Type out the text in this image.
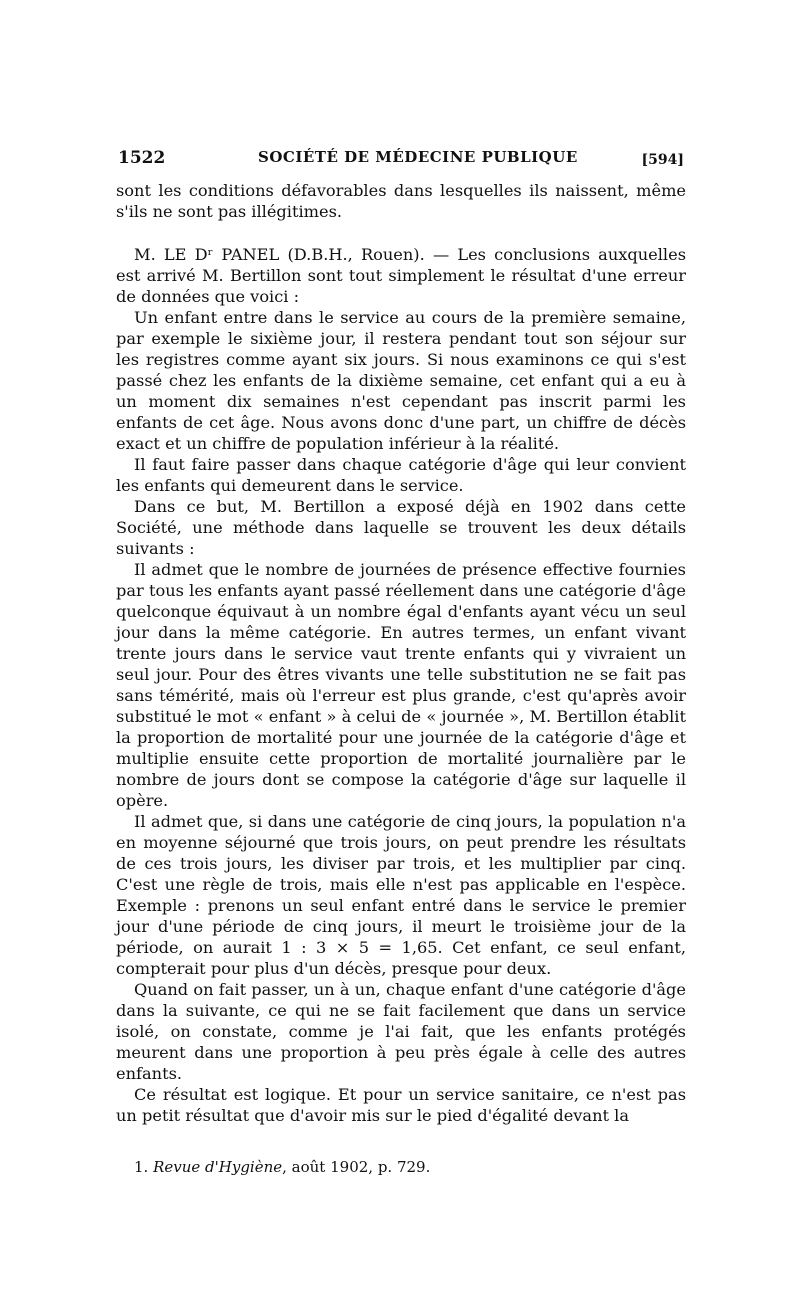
1522	SOCIÉTÉ DE MÉDECINE PUBLIQUE	[594]

sont les conditions défavorables dans lesquelles ils naissent, même s'ils ne sont pas illégitimes.

M. LE Dʳ PANEL (D.B.H., Rouen). — Les conclusions auxquelles est arrivé M. Bertillon sont tout simplement le résultat d'une erreur de données que voici :

Un enfant entre dans le service au cours de la première semaine, par exemple le sixième jour, il restera pendant tout son séjour sur les registres comme ayant six jours. Si nous examinons ce qui s'est passé chez les enfants de la dixième semaine, cet enfant qui a eu à un moment dix semaines n'est cependant pas inscrit parmi les enfants de cet âge. Nous avons donc d'une part, un chiffre de décès exact et un chiffre de population inférieur à la réalité.

Il faut faire passer dans chaque catégorie d'âge qui leur convient les enfants qui demeurent dans le service.

Dans ce but, M. Bertillon a exposé déjà en 1902 dans cette Société, une méthode dans laquelle se trouvent les deux détails suivants :

Il admet que le nombre de journées de présence effective fournies par tous les enfants ayant passé réellement dans une catégorie d'âge quelconque équivaut à un nombre égal d'enfants ayant vécu un seul jour dans la même catégorie. En autres termes, un enfant vivant trente jours dans le service vaut trente enfants qui y vivraient un seul jour. Pour des êtres vivants une telle substitution ne se fait pas sans témérité, mais où l'erreur est plus grande, c'est qu'après avoir substitué le mot « enfant » à celui de « journée », M. Bertillon établit la proportion de mortalité pour une journée de la catégorie d'âge et multiplie ensuite cette proportion de mortalité journalière par le nombre de jours dont se compose la catégorie d'âge sur laquelle il opère.

Il admet que, si dans une catégorie de cinq jours, la population n'a en moyenne séjourné que trois jours, on peut prendre les résultats de ces trois jours, les diviser par trois, et les multiplier par cinq. C'est une règle de trois, mais elle n'est pas applicable en l'espèce. Exemple : prenons un seul enfant entré dans le service le premier jour d'une période de cinq jours, il meurt le troisième jour de la période, on aurait 1 : 3 × 5 = 1,65. Cet enfant, ce seul enfant, compterait pour plus d'un décès, presque pour deux.

Quand on fait passer, un à un, chaque enfant d'une catégorie d'âge dans la suivante, ce qui ne se fait facilement que dans un service isolé, on constate, comme je l'ai fait, que les enfants protégés meurent dans une proportion à peu près égale à celle des autres enfants.

Ce résultat est logique. Et pour un service sanitaire, ce n'est pas un petit résultat que d'avoir mis sur le pied d'égalité devant la

1. Revue d'Hygiène, août 1902, p. 729.
